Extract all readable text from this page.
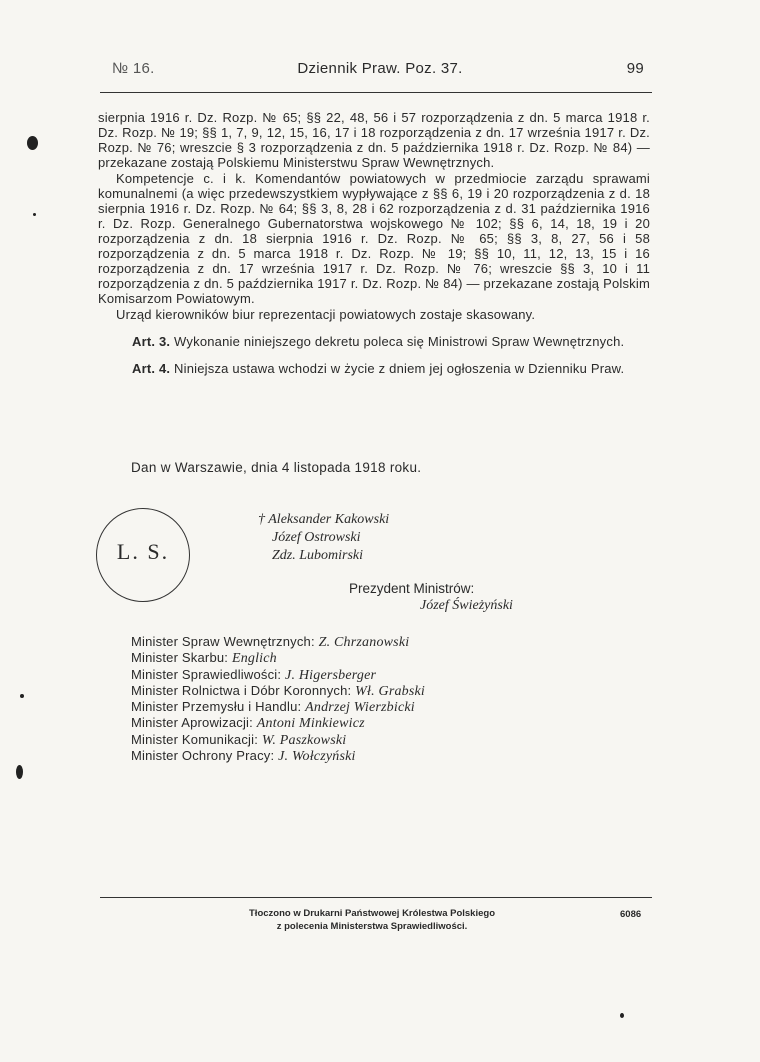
№ 16.	Dziennik Praw. Poz. 37.	99

sierpnia 1916 r. Dz. Rozp. № 65; §§ 22, 48, 56 i 57 rozporządzenia z dn. 5 marca 1918 r. Dz. Rozp. № 19; §§ 1, 7, 9, 12, 15, 16, 17 i 18 rozporządzenia z dn. 17 września 1917 r. Dz. Rozp. № 76; wreszcie § 3 rozporządzenia z dn. 5 października 1918 r. Dz. Rozp. № 84) — przekazane zostają Polskiemu Ministerstwu Spraw Wewnętrznych.

Kompetencje c. i k. Komendantów powiatowych w przedmiocie zarządu sprawami komunalnemi (a więc przedewszystkiem wypływające z §§ 6, 19 i 20 rozporządzenia z d. 18 sierpnia 1916 r. Dz. Rozp. № 64; §§ 3, 8, 28 i 62 rozporządzenia z d. 31 października 1916 r. Dz. Rozp. Generalnego Gubernatorstwa wojskowego № 102; §§ 6, 14, 18, 19 i 20 rozporządzenia z dn. 18 sierpnia 1916 r. Dz. Rozp. № 65; §§ 3, 8, 27, 56 i 58 rozporządzenia z dn. 5 marca 1918 r. Dz. Rozp. № 19; §§ 10, 11, 12, 13, 15 i 16 rozporządzenia z dn. 17 września 1917 r. Dz. Rozp. № 76; wreszcie §§ 3, 10 i 11 rozporządzenia z dn. 5 października 1917 r. Dz. Rozp. № 84) — przekazane zostają Polskim Komisarzom Powiatowym.

Urząd kierowników biur reprezentacji powiatowych zostaje skasowany.

Art. 3. Wykonanie niniejszego dekretu poleca się Ministrowi Spraw Wewnętrznych.

Art. 4. Niniejsza ustawa wchodzi w życie z dniem jej ogłoszenia w Dzienniku Praw.

Dan w Warszawie, dnia 4 listopada 1918 roku.
L. S.
† Aleksander Kakowski
Józef Ostrowski
Zdz. Lubomirski
Prezydent Ministrów:
Józef Świeżyński
Minister Spraw Wewnętrznych: Z. Chrzanowski
Minister Skarbu: Englich
Minister Sprawiedliwości: J. Higersberger
Minister Rolnictwa i Dóbr Koronnych: Wł. Grabski
Minister Przemysłu i Handlu: Andrzej Wierzbicki
Minister Aprowizacji: Antoni Minkiewicz
Minister Komunikacji: W. Paszkowski
Minister Ochrony Pracy: J. Wołczyński
Tłoczono w Drukarni Państwowej Królestwa Polskiego
z polecenia Ministerstwa Sprawiedliwości.
6086
